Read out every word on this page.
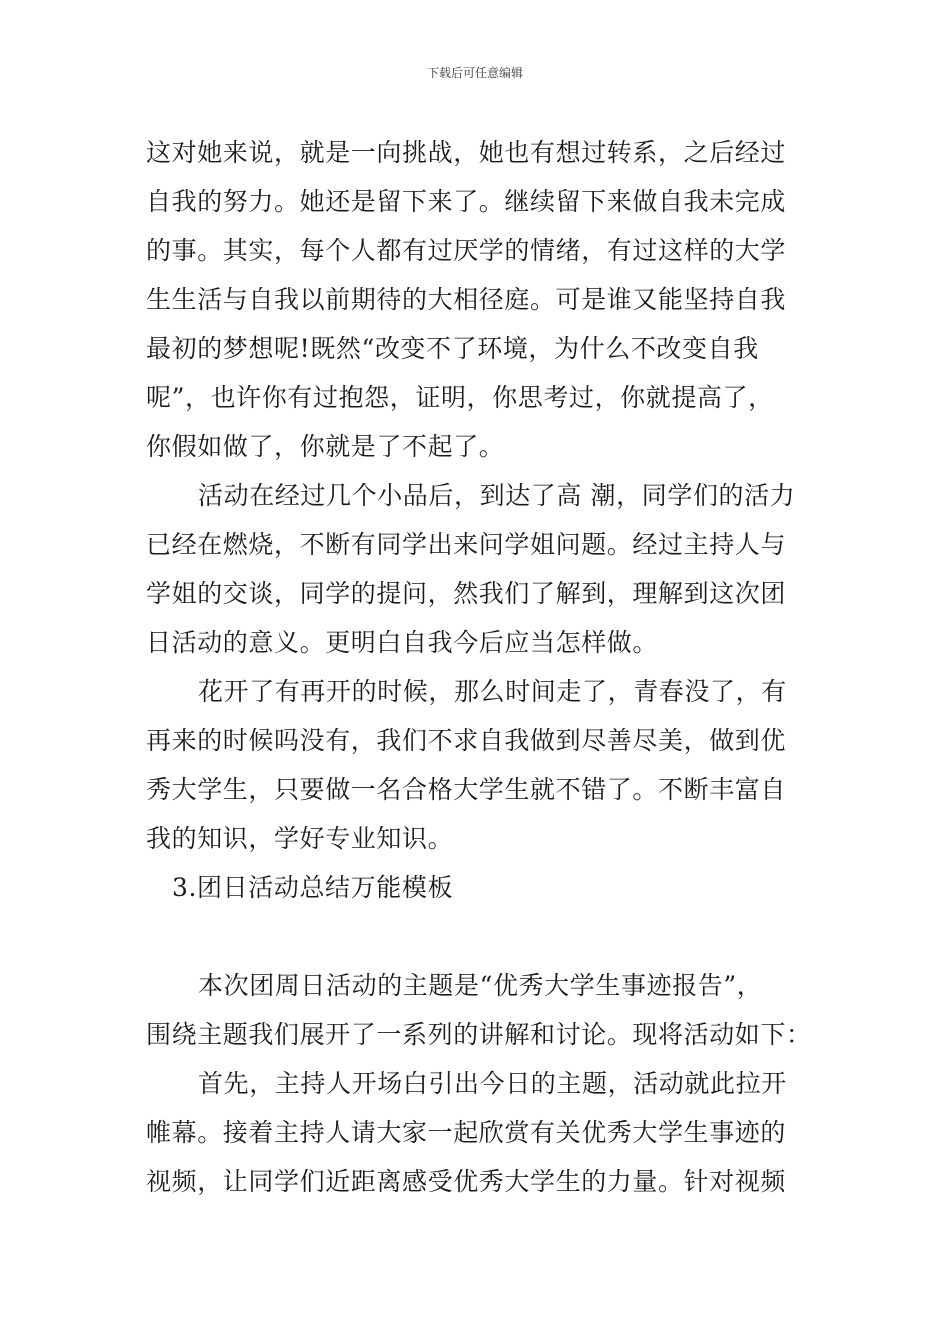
下载后可任意编辑
这对她来说，就是一向挑战，她也有想过转系，之后经过
自我的努力。她还是留下来了。继续留下来做自我未完成
的事。其实，每个人都有过厌学的情绪，有过这样的大学
生生活与自我以前期待的大相径庭。可是谁又能坚持自我
最初的梦想呢!既然“改变不了环境，为什么不改变自我
呢”，也许你有过抱怨，证明，你思考过，你就提高了，
你假如做了，你就是了不起了。
活动在经过几个小品后，到达了高 潮，同学们的活力
已经在燃烧，不断有同学出来问学姐问题。经过主持人与
学姐的交谈，同学的提问，然我们了解到，理解到这次团
日活动的意义。更明白自我今后应当怎样做。
花开了有再开的时候，那么时间走了，青春没了，有
再来的时候吗没有，我们不求自我做到尽善尽美，做到优
秀大学生，只要做一名合格大学生就不错了。不断丰富自
我的知识，学好专业知识。
3.团日活动总结万能模板
本次团周日活动的主题是“优秀大学生事迹报告”，
围绕主题我们展开了一系列的讲解和讨论。现将活动如下：
首先，主持人开场白引出今日的主题，活动就此拉开
帷幕。接着主持人请大家一起欣赏有关优秀大学生事迹的
视频，让同学们近距离感受优秀大学生的力量。针对视频
